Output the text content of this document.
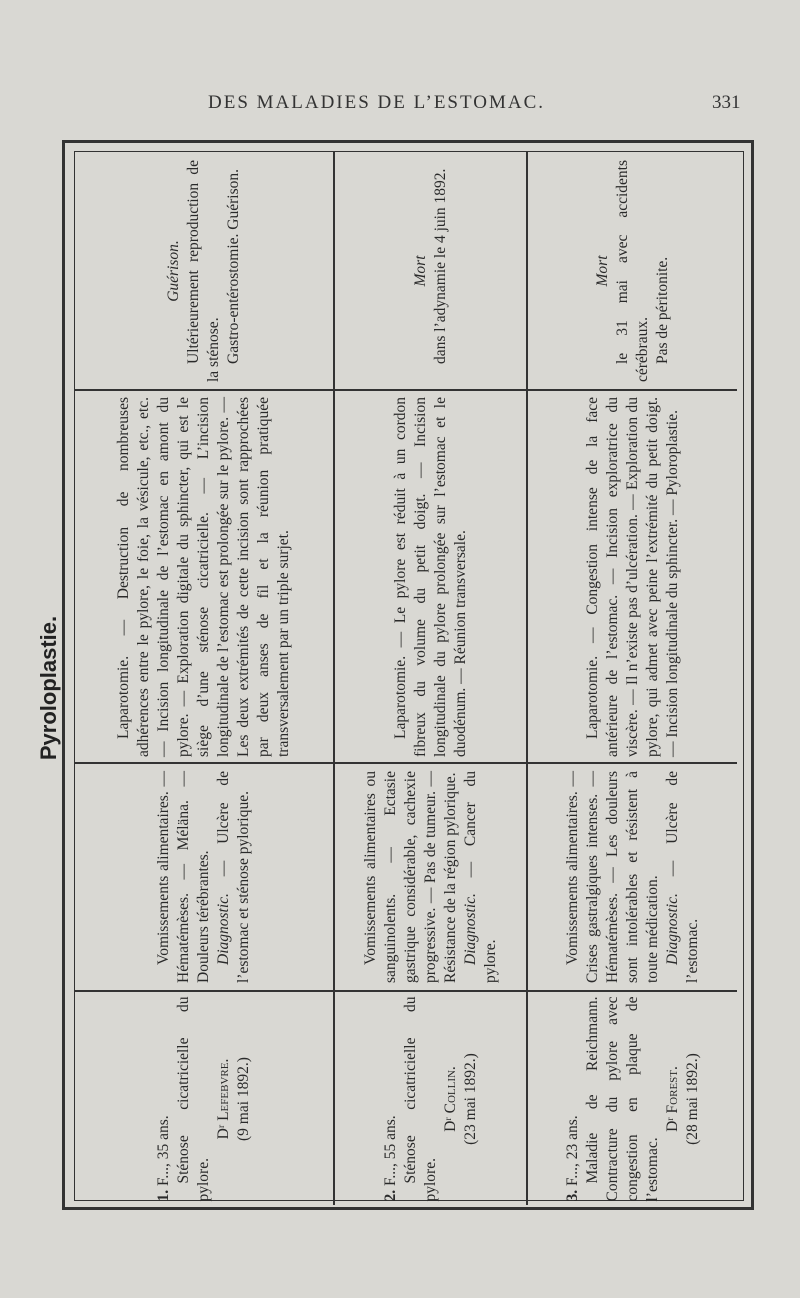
DES MALADIES DE L’ESTOMAC.	331
Pyroloplastie.

1. F..., 35 ans. Sténose cicatricielle du pylore.

Dʳ Lefebvre. (9 mai 1892.)

Vomissements alimentaires. — Hématémèses. — Méläna. — Douleurs térébrantes. Diagnostic. — Ulcère de l’estomac et sténose pylorique.

Laparotomie. — Destruction de nombreuses adhérences entre le pylore, le foie, la vésicule, etc., etc. — Incision longitudinale de l’estomac en amont du pylore. — Exploration digitale du sphincter, qui est le siège d’une sténose cicatricielle. — L’incision longitudinale de l’estomac est prolongée sur le pylore. — Les deux extrémités de cette incision sont rapprochées par deux anses de fil et la réunion pratiquée transversalement par un triple surjet.

Guérison. Ultérieurement reproduction de la sténose. Gastro-entérostomie. Guérison.

2. F..., 55 ans. Sténose cicatricielle du pylore.

Dʳ Collin. (23 mai 1892.)

Vomissements alimentaires ou sanguinolents. — Ectasie gastrique considérable, cachexie progressive. — Pas de tumeur. — Résistance de la région pylorique. Diagnostic. — Cancer du pylore.

Laparotomie. — Le pylore est réduit à un cordon fibreux du volume du petit doigt. — Incision longitudinale du pylore prolongée sur l’estomac et le duodénum. — Réunion transversale.

Mort dans l’adynamie le 4 juin 1892.

3. F..., 23 ans. Maladie de Reichmann. Contracture du pylore avec congestion en plaque de l’estomac.

Dʳ Forest. (28 mai 1892.)

Vomissements alimentaires. — Crises gastralgiques intenses. — Hématémèses. — Les douleurs sont intolérables et résistent à toute médication. Diagnostic. — Ulcère de l’estomac.

Laparotomie. — Congestion intense de la face antérieure de l’estomac. — Incision exploratrice du viscère. — Il n’existe pas d’ulcération. — Exploration du pylore, qui admet avec peine l’extrémité du petit doigt. — Incision longitudinale du sphincter. — Pyloroplastie.

Mort le 31 mai avec accidents cérébraux. Pas de péritonite.
